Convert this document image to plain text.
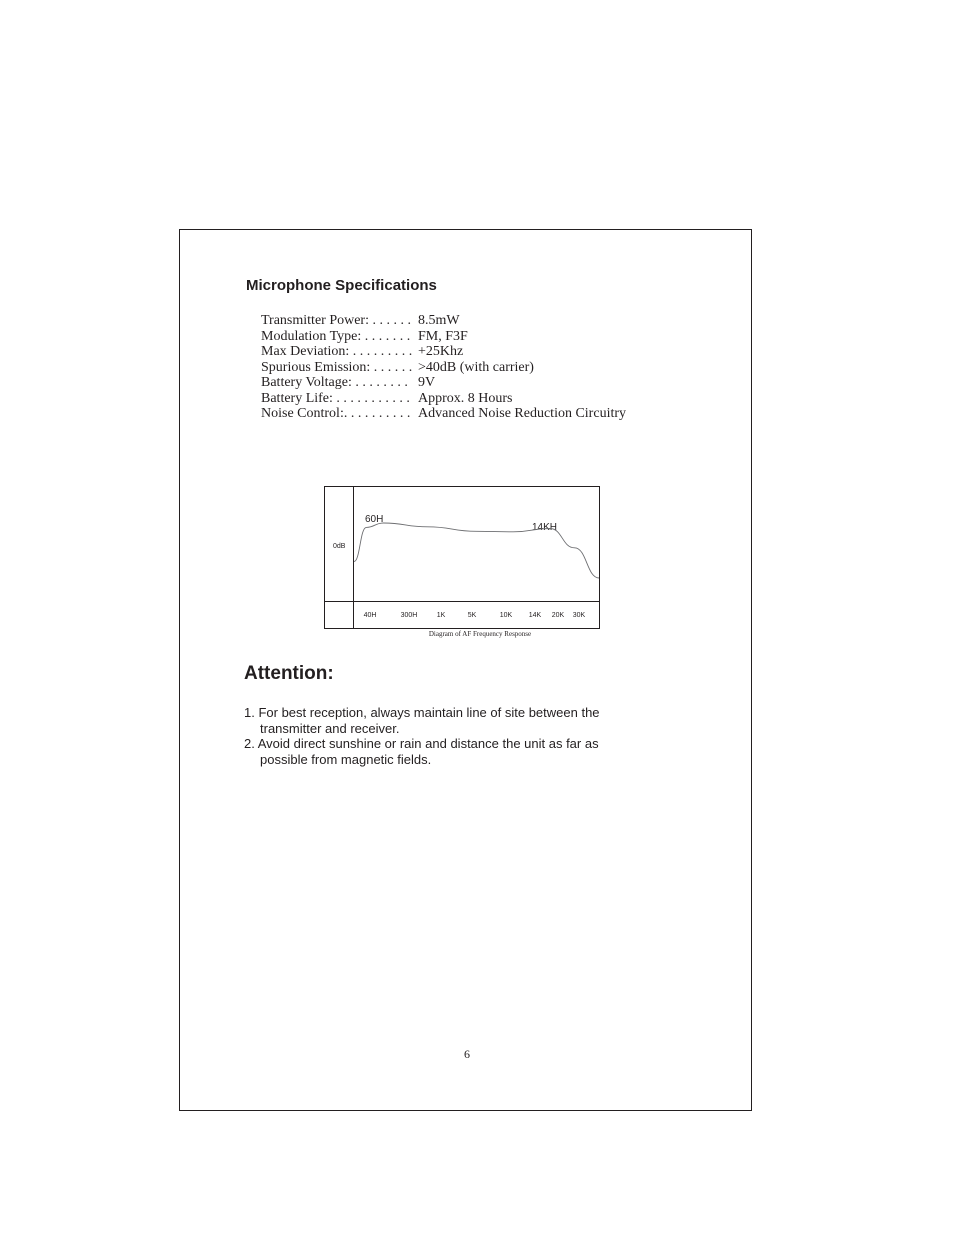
Microphone Specifications
Transmitter Power: . . . . . . 8.5mW
Modulation Type: . . . . . . . FM, F3F
Max Deviation: . . . . . . . . . +25Khz
Spurious Emission: . . . . . . >40dB (with carrier)
Battery Voltage: . . . . . . . . 9V
Battery Life: . . . . . . . . . . . Approx. 8 Hours
Noise Control:. . . . . . . . . . Advanced Noise Reduction Circuitry
0dB
60H
14KH
40H	300H	1K	5K	10K 14K 20K 30K
Diagram of AF Frequency Response
Attention:
1. For best reception, always maintain line of site between the
transmitter and receiver.
2. Avoid direct sunshine or rain and distance the unit as far as
possible from magnetic fields.
6
